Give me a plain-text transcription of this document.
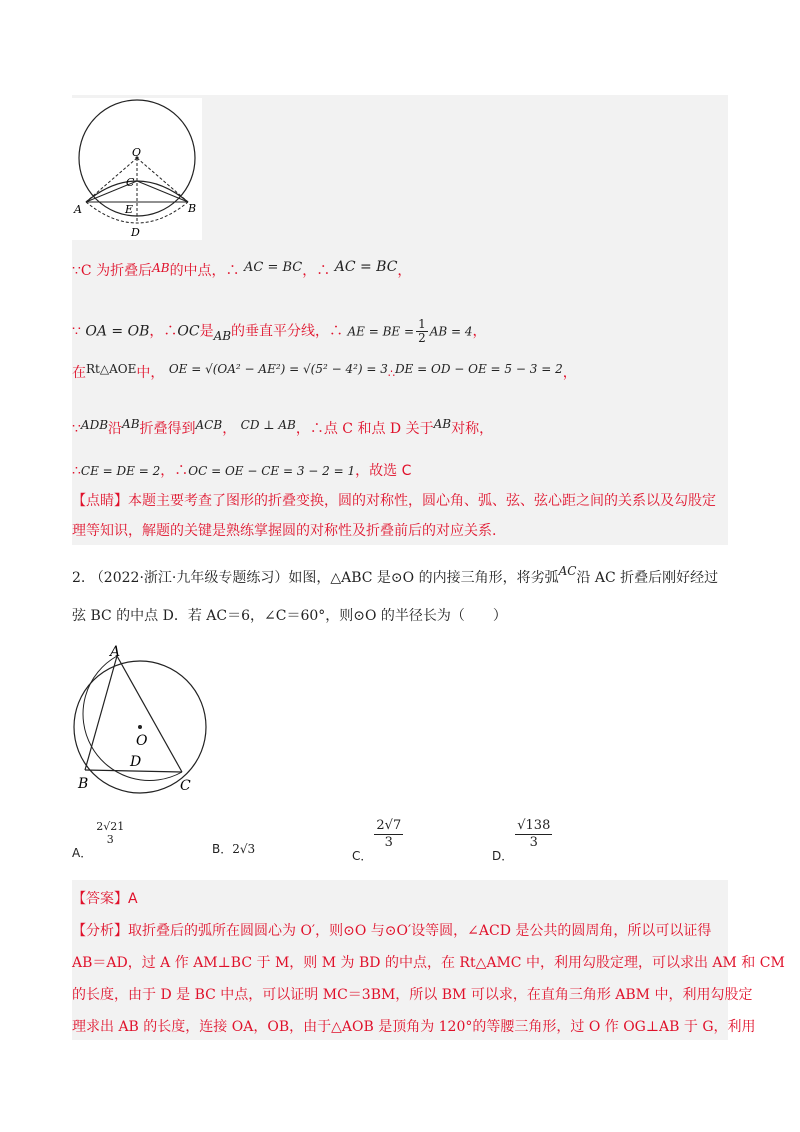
O
C
A	E	B
D
∵C 为折叠后AB的中点，∴ AC = BC，∴ AC = BC，
∵ OA = OB，∴OC是AB的垂直平分线，∴ AE = BE = $\frac{1}{2}$ AB = 4，
在Rt△AOE中， OE = √(OA² − AE²) = √(5² − 4²) = 3∴DE = OD − OE = 5 − 3 = 2，
∵ADB沿AB折叠得到ACB， CD ⊥ AB，∴点 C 和点 D 关于AB对称，
∴CE = DE = 2，∴OC = OE − CE = 3 − 2 = 1，故选 C
【点睛】本题主要考查了图形的折叠变换，圆的对称性，圆心角、弧、弦、弦心距之间的关系以及勾股定
理等知识，解题的关键是熟练掌握圆的对称性及折叠前后的对应关系.
2. （2022·浙江·九年级专题练习）如图，△ABC 是⊙O 的内接三角形，将劣弧AC沿 AC 折叠后刚好经过
弦 BC 的中点 D．若 AC＝6，∠C＝60°，则⊙O 的半径长为（　　）
A
O
D
B	C
A．
2√21
3
B．2√3	C．
$\frac{2√7}{3}$
D．
$\frac{√138}{3}$
【答案】A
【分析】取折叠后的弧所在圆圆心为 O′，则⊙O 与⊙O′设等圆，∠ACD 是公共的圆周角，所以可以证得
AB＝AD，过 A 作 AM⊥BC 于 M，则 M 为 BD 的中点，在 Rt△AMC 中，利用勾股定理，可以求出 AM 和 CM
的长度，由于 D 是 BC 中点，可以证明 MC＝3BM，所以 BM 可以求，在直角三角形 ABM 中，利用勾股定
理求出 AB 的长度，连接 OA，OB，由于△AOB 是顶角为 120°的等腰三角形，过 O 作 OG⊥AB 于 G，利用
